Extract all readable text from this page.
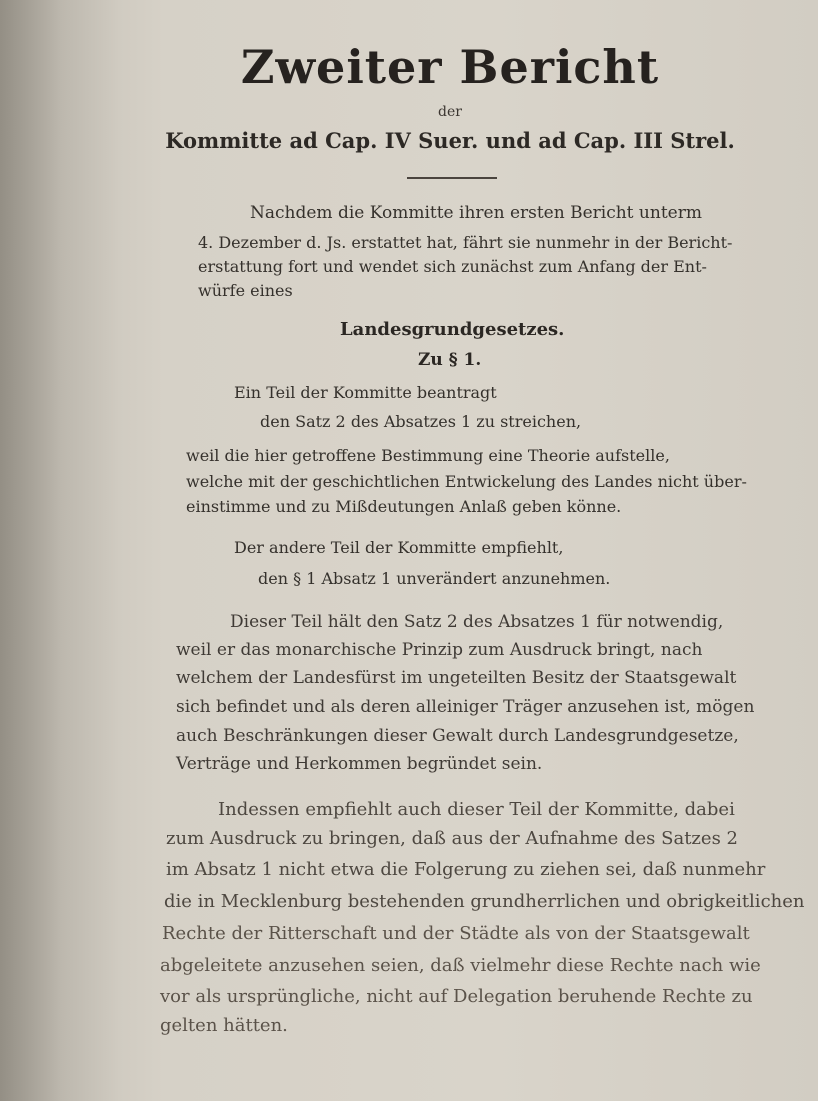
Zweiter Bericht
der
Kommitte ad Cap. IV Suer. und ad Cap. III Strel.
Nachdem die Kommitte ihren ersten Bericht unterm
4. Dezember d. Js. erstattet hat, fährt sie nunmehr in der Bericht-
erstattung fort und wendet sich zunächst zum Anfang der Ent-
würfe eines
Landesgrundgesetzes.
Zu § 1.
Ein Teil der Kommitte beantragt
den Satz 2 des Absatzes 1 zu streichen,
weil die hier getroffene Bestimmung eine Theorie aufstelle,
welche mit der geschichtlichen Entwickelung des Landes nicht über-
einstimme und zu Mißdeutungen Anlaß geben könne.
Der andere Teil der Kommitte empfiehlt,
den § 1 Absatz 1 unverändert anzunehmen.
Dieser Teil hält den Satz 2 des Absatzes 1 für notwendig,
weil er das monarchische Prinzip zum Ausdruck bringt, nach
welchem der Landesfürst im ungeteilten Besitz der Staatsgewalt
sich befindet und als deren alleiniger Träger anzusehen ist, mögen
auch Beschränkungen dieser Gewalt durch Landesgrundgesetze,
Verträge und Herkommen begründet sein.
Indessen empfiehlt auch dieser Teil der Kommitte, dabei
zum Ausdruck zu bringen, daß aus der Aufnahme des Satzes 2
im Absatz 1 nicht etwa die Folgerung zu ziehen sei, daß nunmehr
die in Mecklenburg bestehenden grundherrlichen und obrigkeitlichen
Rechte der Ritterschaft und der Städte als von der Staatsgewalt
abgeleitete anzusehen seien, daß vielmehr diese Rechte nach wie
vor als ursprüngliche, nicht auf Delegation beruhende Rechte zu
gelten hätten.
